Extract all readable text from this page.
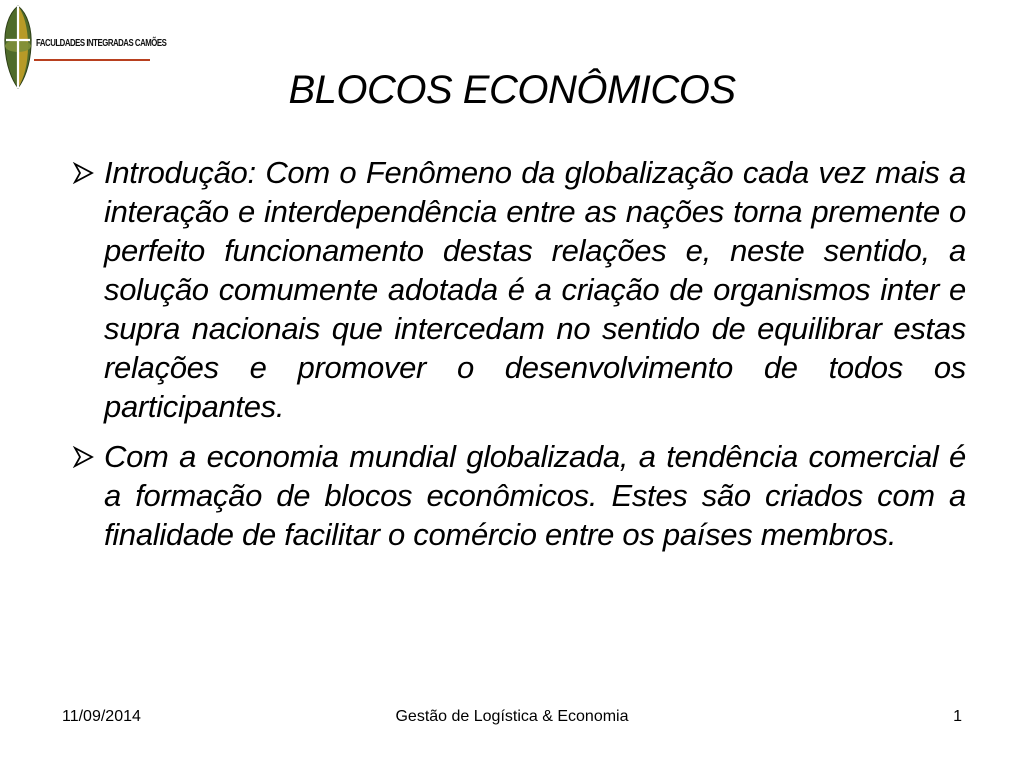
FACULDADES INTEGRADAS CAMÕES
BLOCOS ECONÔMICOS
Introdução: Com o Fenômeno da globalização cada vez mais a interação e interdependência entre as nações torna premente o perfeito funcionamento destas relações e, neste sentido, a solução comumente adotada é a criação de organismos inter e supra nacionais que intercedam no sentido de equilibrar estas relações e promover o desenvolvimento de todos os participantes.
Com a economia mundial globalizada, a tendência comercial é a formação de blocos econômicos. Estes são criados com a finalidade de facilitar o comércio entre os países membros.
11/09/2014	Gestão de Logística & Economia	1
